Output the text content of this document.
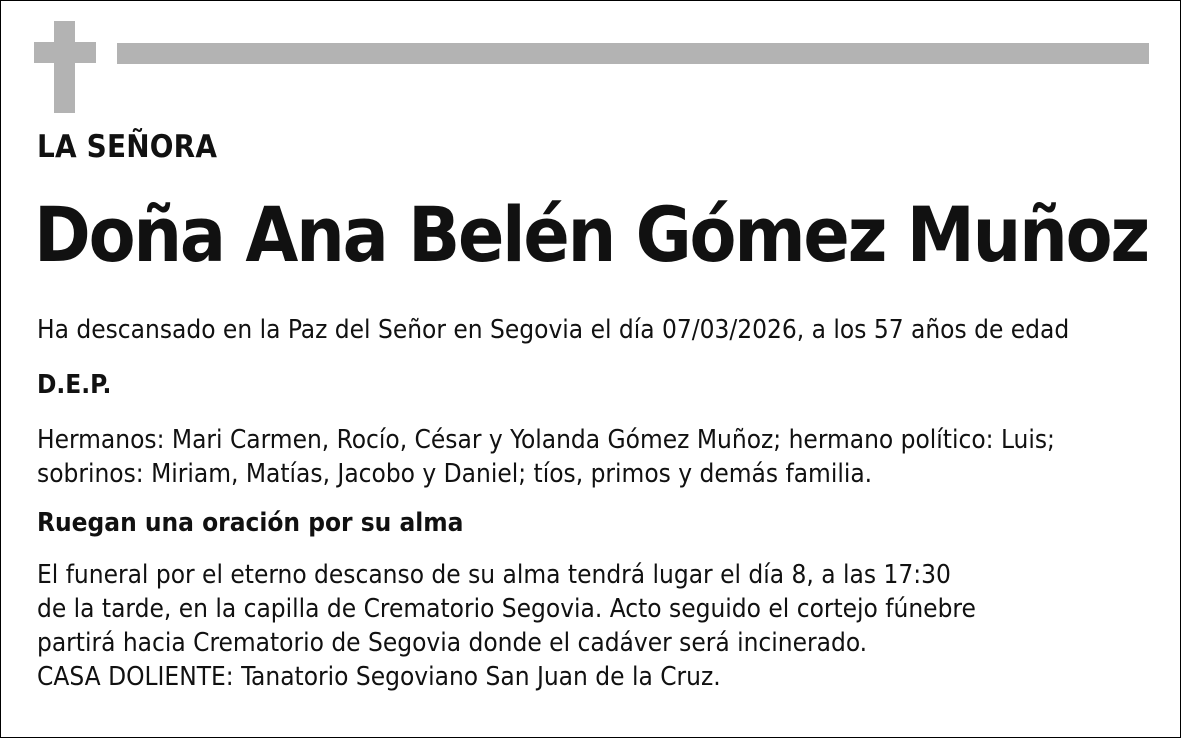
LA SEÑORA
Doña Ana Belén Gómez Muñoz
Ha descansado en la Paz del Señor en Segovia el día 07/03/2026, a los 57 años de edad
D.E.P.
Hermanos: Mari Carmen, Rocío, César y Yolanda Gómez Muñoz; hermano político: Luis;
sobrinos: Miriam, Matías, Jacobo y Daniel; tíos, primos y demás familia.
Ruegan una oración por su alma
El funeral por el eterno descanso de su alma tendrá lugar el día 8, a las 17:30
de la tarde, en la capilla de Crematorio Segovia. Acto seguido el cortejo fúnebre
partirá hacia Crematorio de Segovia donde el cadáver será incinerado.
CASA DOLIENTE: Tanatorio Segoviano San Juan de la Cruz.
